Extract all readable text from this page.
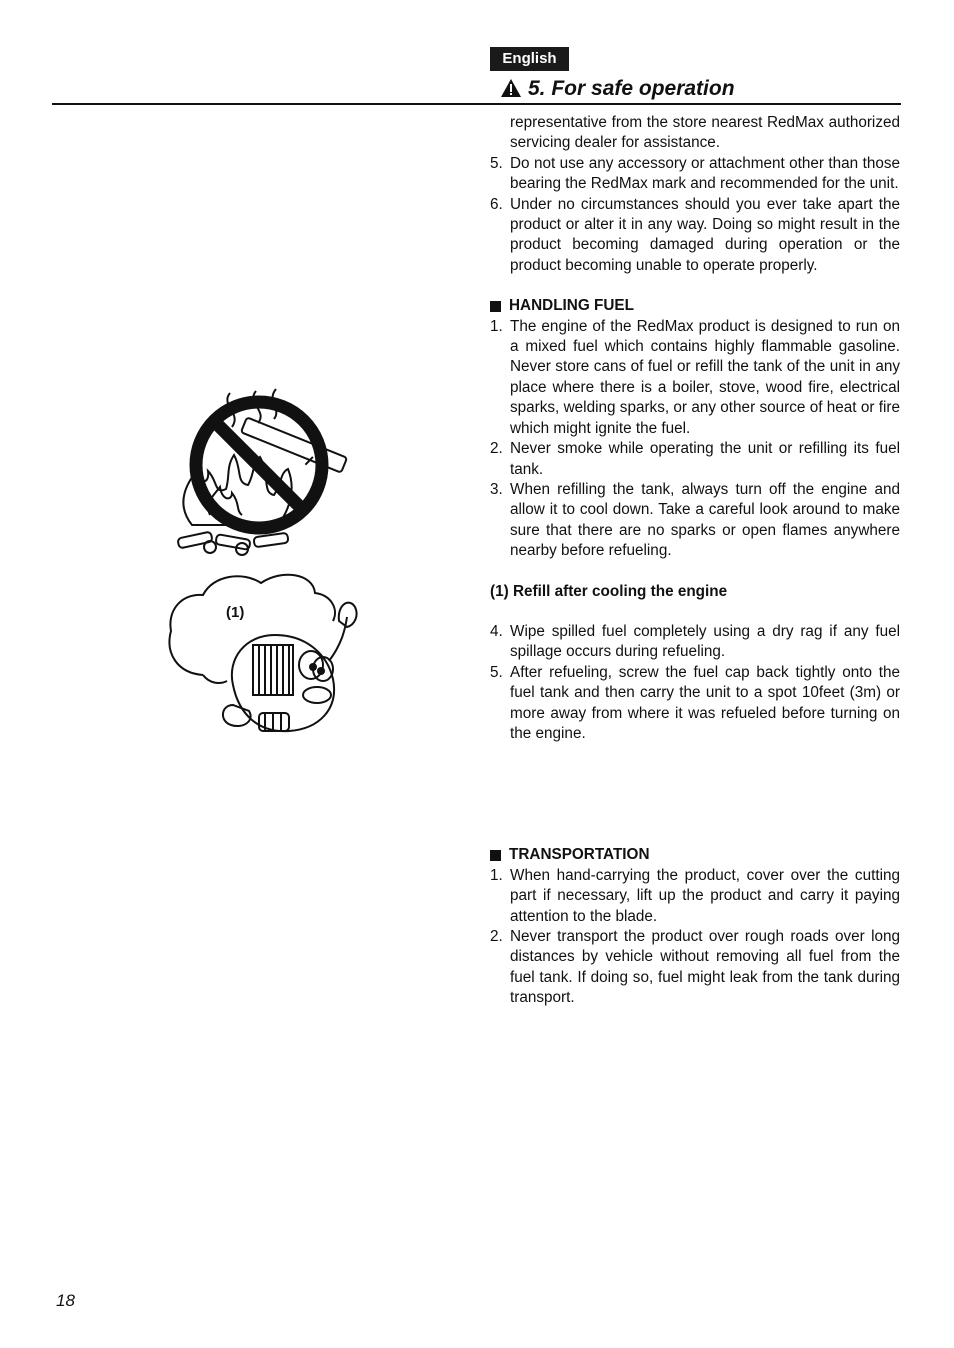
English
5. For safe operation
(1)
representative from the store nearest RedMax authorized servicing dealer for assistance.
5. Do not use any accessory or attachment other than those bearing the RedMax mark and recommended for the unit.
6. Under no circumstances should you ever take apart the product or alter it in any way. Doing so might result in the product becoming damaged during operation or the product becoming unable to operate properly.
HANDLING FUEL
1. The engine of the RedMax product is designed to run on a mixed fuel which contains highly flammable gasoline. Never store cans of fuel or refill the tank of the unit in any place where there is a boiler, stove, wood fire, electrical sparks, welding sparks, or any other source of heat or fire which might ignite the fuel.
2. Never smoke while operating the unit or refilling its fuel tank.
3. When refilling the tank, always turn off the engine and allow it to cool down. Take a careful look around to make sure that there are no sparks or open flames anywhere nearby before refueling.
(1) Refill after cooling the engine
4. Wipe spilled fuel completely using a dry rag if any fuel spillage occurs during refueling.
5. After refueling, screw the fuel cap back tightly onto the fuel tank and then carry the unit to a spot 10feet (3m) or more away from where it was refueled before turning on the engine.
TRANSPORTATION
1. When hand-carrying the product, cover over the cutting part if necessary, lift up the product and carry it paying attention to the blade.
2. Never transport the product over rough roads over long distances by vehicle without removing all fuel from the fuel tank. If doing so, fuel might leak from the tank during transport.
18
